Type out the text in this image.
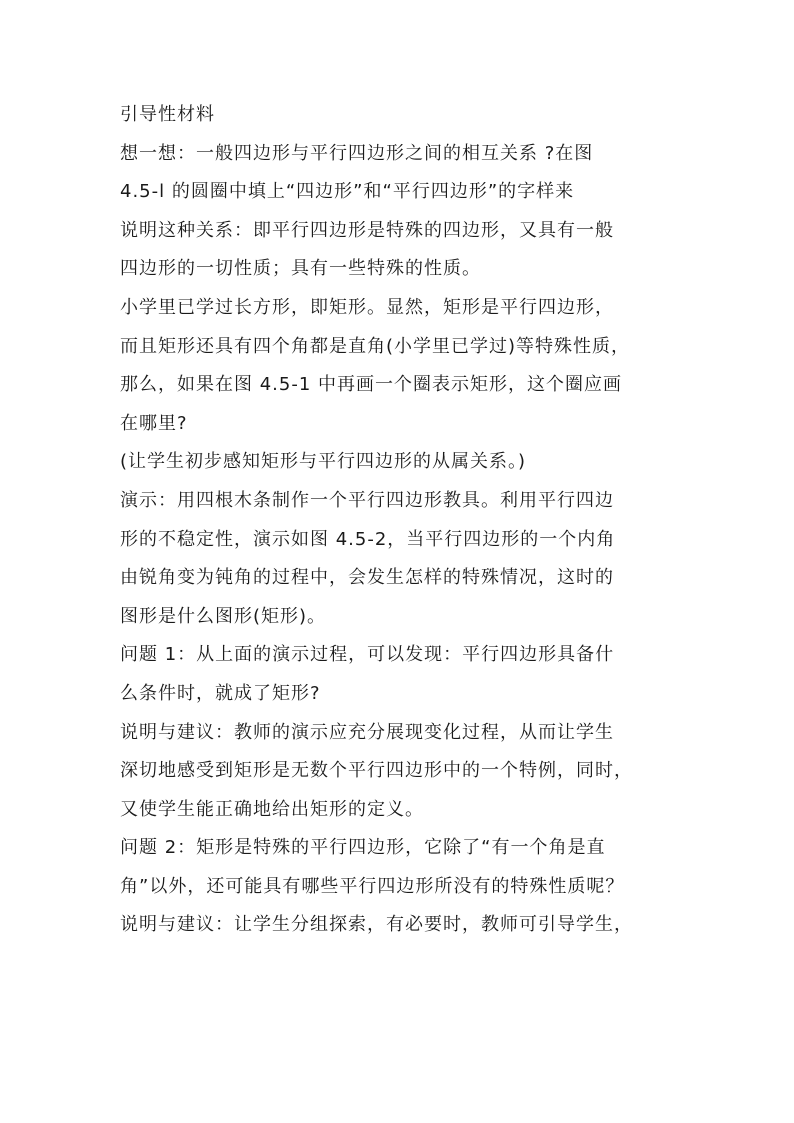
引导性材料
想一想：一般四边形与平行四边形之间的相互关系 ?在图
4.5-l 的圆圈中填上“四边形”和“平行四边形”的字样来
说明这种关系：即平行四边形是特殊的四边形，又具有一般
四边形的一切性质；具有一些特殊的性质。
小学里已学过长方形，即矩形。显然，矩形是平行四边形，
而且矩形还具有四个角都是直角(小学里已学过)等特殊性质，
那么，如果在图 4.5-1 中再画一个圈表示矩形，这个圈应画
在哪里?
(让学生初步感知矩形与平行四边形的从属关系。)
演示：用四根木条制作一个平行四边形教具。利用平行四边
形的不稳定性，演示如图 4.5-2，当平行四边形的一个内角
由锐角变为钝角的过程中，会发生怎样的特殊情况，这时的
图形是什么图形(矩形)。
问题 1：从上面的演示过程，可以发现：平行四边形具备什
么条件时，就成了矩形?
说明与建议：教师的演示应充分展现变化过程，从而让学生
深切地感受到矩形是无数个平行四边形中的一个特例，同时，
又使学生能正确地给出矩形的定义。
问题 2：矩形是特殊的平行四边形，它除了“有一个角是直
角”以外，还可能具有哪些平行四边形所没有的特殊性质呢？
说明与建议：让学生分组探索，有必要时，教师可引导学生，
